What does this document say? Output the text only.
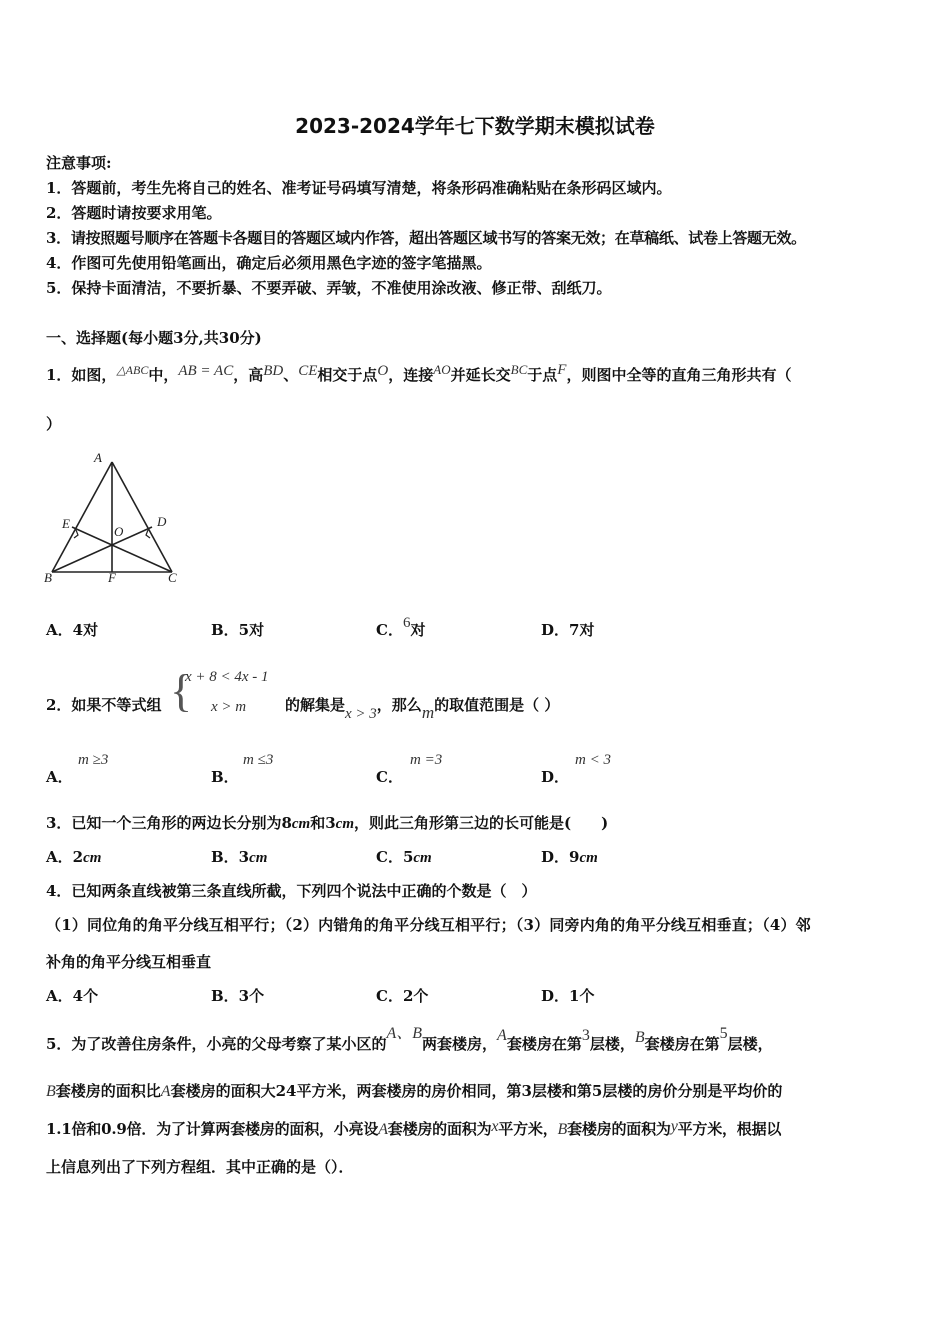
2023-2024学年七下数学期末模拟试卷
注意事项:
1．答题前，考生先将自己的姓名、准考证号码填写清楚，将条形码准确粘贴在条形码区域内。
2．答题时请按要求用笔。
3．请按照题号顺序在答题卡各题目的答题区域内作答，超出答题区域书写的答案无效；在草稿纸、试卷上答题无效。
4．作图可先使用铅笔画出，确定后必须用黑色字迹的签字笔描黑。
5．保持卡面清洁，不要折暴、不要弄破、弄皱，不准使用涂改液、修正带、刮纸刀。
一、选择题(每小题3分,共30分)
1．如图，$^{\triangle ABC}$中，AB = AC，高BD、CE相交于点O，连接AO并延长交BC于点F，则图中全等的直角三角形共有（
）
A
E
O
D
B	F	C
A．4对	B．5对	C．6对	D．7对
2．如果不等式组 {
x + 8 < 4x - 1
x > m	的解集是x > 3，那么m的取值范围是（ ）
A．
m ≥3
B．
m ≤3
C．
m =3
D．
m < 3
3．已知一个三角形的两边长分别为8cm和3cm，则此三角形第三边的长可能是(　　)
A．2cm	B．3cm	C．5cm	D．9cm
4．已知两条直线被第三条直线所截，下列四个说法中正确的个数是（　）
（1）同位角的角平分线互相平行；（2）内错角的角平分线互相平行；（3）同旁内角的角平分线互相垂直；（4）邻
补角的角平分线互相垂直
A．4个	B．3个	C．2个	D．1个
5．为了改善住房条件，小亮的父母考察了某小区的A、B两套楼房，A套楼房在第3层楼，B套楼房在第5层楼，
B套楼房的面积比A套楼房的面积大24平方米，两套楼房的房价相同，第3层楼和第5层楼的房价分别是平均价的
1.1倍和0.9倍．为了计算两套楼房的面积，小亮设A套楼房的面积为x平方米，B套楼房的面积为y平方米，根据以
上信息列出了下列方程组．其中正确的是（）．
